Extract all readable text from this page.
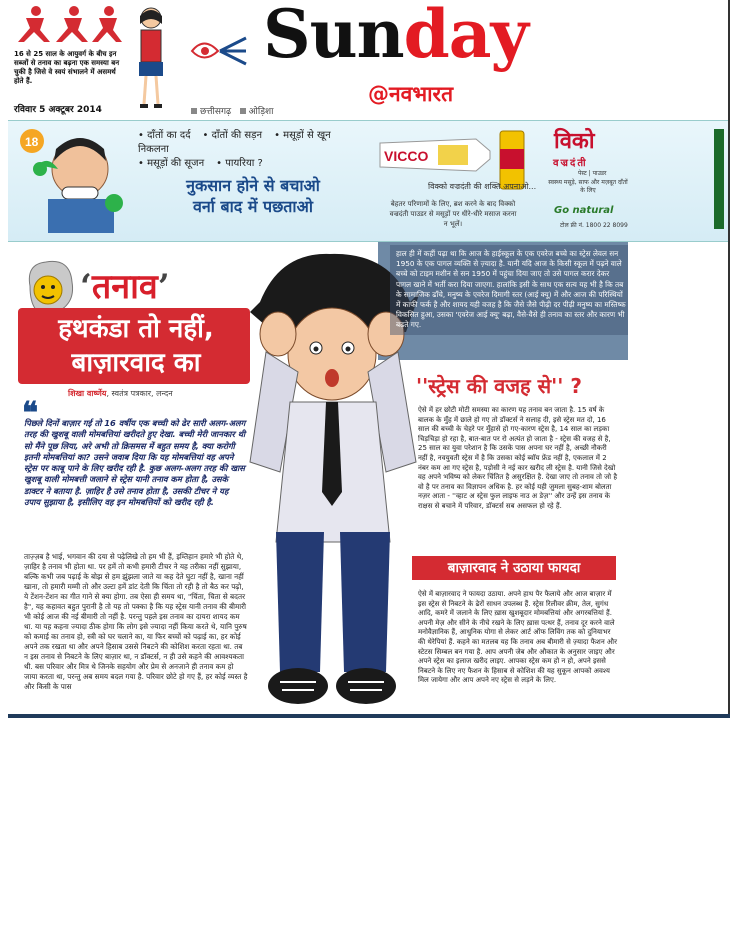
16 से 25 साल के आयुवर्ग के बीच इन सब्जों से तनाव का बढ़ना एक समस्या बन चुकी है जिसे वे स्वयं संभालने में असमर्थ होते हैं.
रविवार 5 अक्टूबर 2014
Sunday
@नवभारत
छत्तीसगढ़ ओड़िशा
18	• दाँतों का दर्द • दाँतों की सड़न • मसूड़ों से खून निकलना
• मसूड़ों की सूजन • पायरिया ?
नुकसान होने से बचाओ
वर्ना बाद में पछताओ
VICCO
विक्को वज्रदंती की शक्ति अपनाओ...
बेहतर परिणामों के लिए, ब्रश करने के बाद विक्को वज्रदंती पाउडर से मसूड़ों पर धीरे-धीरे मसाज करना न भूलें।
विको
वज्रदंती
पेस्ट | पाउडर
स्वस्थ्य मसूड़े, साफ और मज़बूत दाँतों के लिए
Go natural
टोल फ्री नं. 1800 22 8099
‘तनाव’
हथकंडा तो नहीं,
बाज़ारवाद का
शिखा वार्ष्णेय, स्वतंत्र पत्रकार, लन्दन
❝
पिछले दिनों बाज़ार गई तो 16 वर्षीय एक बच्ची को ढेर सारी अलग-अलग तरह की खुशबू वाली मोमबत्तियां खरीदते हुए देखा. बच्ची मेरी जानकार थी सो मैंने पूछ लिया, अरे अभी तो क्रिसमस में बहुत समय है, क्या करोगी इतनी मोमबत्तियां का? उसने जवाब दिया कि यह मोमबत्तियां वह अपने स्ट्रेस पर काबू पाने के लिए खरीद रही है. कुछ अलग-अलग तरह की खास खुशबू वाली मोमबत्ती जलाने से स्ट्रेस यानी तनाव कम होता है, उसके डाक्टर ने बताया है. ज़ाहिर है उसे तनाव होता है, उसकी टीचर ने यह उपाय सुझाया है, इसीलिए वह इन मोमबत्तियों को खरीद रही है.
ताज़्ज़ब है भाई, भगवान की दया से पढ़ेलिखे तो हम भी हैं, इम्तिहान हमारे भी होते थे, ज़ाहिर है तनाव भी होता था. पर हमें तो कभी हमारी टीचर ने यह तरीका नहीं सुझाया, बल्कि कभी जब पढ़ाई के बोझ से हम झुंझला जाते या कह देते घुटा नहीं है, खाना नहीं खाना, तो हमारी मम्मी तो और उल्टा हमें डांट देती कि चिंता तो रही है तो बैठ कर पढ़ो, ये टेंशन-टेंशन का गीत गाने से क्या होगा. तब ऐसा ही समय था, "चिंता, चिता से बदतर है", यह कहावत बहुत पुरानी है तो यह तो पक्का है कि यह स्ट्रेस यानी तनाव की बीमारी भी कोई आज की नई बीमारी तो नहीं है. परन्तु पहले इस तनाव का दायरा शायद कम था. या यह कहना ज्यादा ठीक होगा कि लोग इसे ज्यादा नहीं किया करते थे, यानि पुरुष को कमाई का तनाव हो, स्त्री को घर चलाने का, या फिर बच्चों को पढ़ाई का, हर कोई अपने तक रखता था और अपने हिसाब उससे निबटने की कोशिश करता रहता था. तब न इस तनाव से निबटने के लिए बाज़ार था, न डॉक्टर्स, न ही उसे कहने की आवश्यकता थी. बस परिवार और मित्र थे जिनके सहयोग और प्रेम से अनजाने ही तनाव कम हो जाया करता था, परन्तु अब समय बदल गया है. परिवार छोटे हो गए हैं, हर कोई व्यस्त है और किसी के पास
हाल ही में कहीं पढ़ा था कि आज के हाईस्कूल के एक एवरेज बच्चे का स्ट्रेस लेवल सन 1950 के एक पागल व्यक्ति से ज़्यादा है. यानी यदि आज के किसी स्कूल में पढ़ने वाले बच्चे को टाइम मशीन से सन 1950 में पहुंचा दिया जाए तो उसे पागल करार देकर पागल खाने में भर्ती करा दिया जाएगा. हालांकि इसी के साथ एक सत्य यह भी है कि तब के सामाजिक ढाँचे, मनुष्य के एवरेज दिमागी स्तर (आई क्यू) में और आज की परिस्थियों में काफी फर्क है और शायद यही वजह है कि जैसे जैसे पीढ़ी दर पीढ़ी मनुष्य का मस्तिष्क विकसित हुआ, उसका 'एवरेज आई क्यू' बढ़ा, वैसे-वैसे ही तनाव का स्तर और कारण भी बढ़ते गए.
''स्ट्रेस की वजह से'' ?
ऐसे में हर छोटी मोटी समस्या का कारण यह तनाव बन जाता है. 15 वर्ष के बालक के मुँह में छाले हो गए तो डॉक्टर्स ने सलाह दी, इसे स्ट्रेस मत दो, 16 साल की बच्ची के चेहरे पर मुँहासे हो गए-कारण स्ट्रेस है, 14 साल का लड़का चिड़चिड़ा हो रहा है, बात-बात पर रो अत्यंत हो जाता है - स्ट्रेस की वजह से है, 25 साल का युवा परेशान है कि उसके पास अपना घर नहीं है, अच्छी नौकरी नहीं है, नवयुवती स्ट्रेस में है कि उसका कोई ब्वॉय फ्रेंड नहीं है, एकलाल में 2 नंबर कम आ गए स्ट्रेस है, पड़ोसी ने नई कार खरीद ली स्ट्रेस है. यानी जिसे देखो वह अपने भविष्य को लेकर चिंतित है असुरक्षित है. देखा जाए तो तनाव तो जो है वो है पर तनाव का विज्ञापन अधिक है. हर कोई यही जुमला सुबह-शाम बोलता नज़र आता - ''व्हाट अ स्ट्रेस फुल लाइफ नाउ अ डेज़'' और उन्हें इस तनाव के राक्षस से बचाने में परिवार, डॉक्टर्स सब असफल हो रहे हैं.
बाज़ारवाद ने उठाया फायदा
ऐसे में बाज़ारवाद ने फायदा उठाया. अपने हाथ पैर फैलाये और आज बाज़ार में इस स्ट्रेस से निबटने के ढेरों साधन उपलब्ध हैं. स्ट्रेस रिलीवर क्रीम, तेल, सुगंध आदि, कमरे में जलाने के लिए ख़ास खुशबूदार मोमबत्तियां और अगरबत्तियां हैं. अपनी मेज़ और सीने के नीचे रखने के लिए ख़ास पत्थर हैं, तनाव दूर करने वाले मनोवैज्ञानिक हैं, आधुनिक योगा से लेकर आर्ट ऑफ लिविंग तक को दुनियाभर की थेरेपियां हैं. कहने का मतलब यह कि तनाव अब बीमारी से ज़्यादा फैशन और स्टेटस सिम्बल बन गया है. आप अपनी जेब और औकात के अनुसार जाइए और अपने स्ट्रेस का इलाज खरीद लाइए. आपका स्ट्रेस कम हो न हो, अपने इससे निबटने के लिए नए फैशन के हिसाब से कोशिश की यह सुकून आपको अवश्य मिल जायेगा और आप अपने नए स्ट्रेस से लड़ने के लिए.
